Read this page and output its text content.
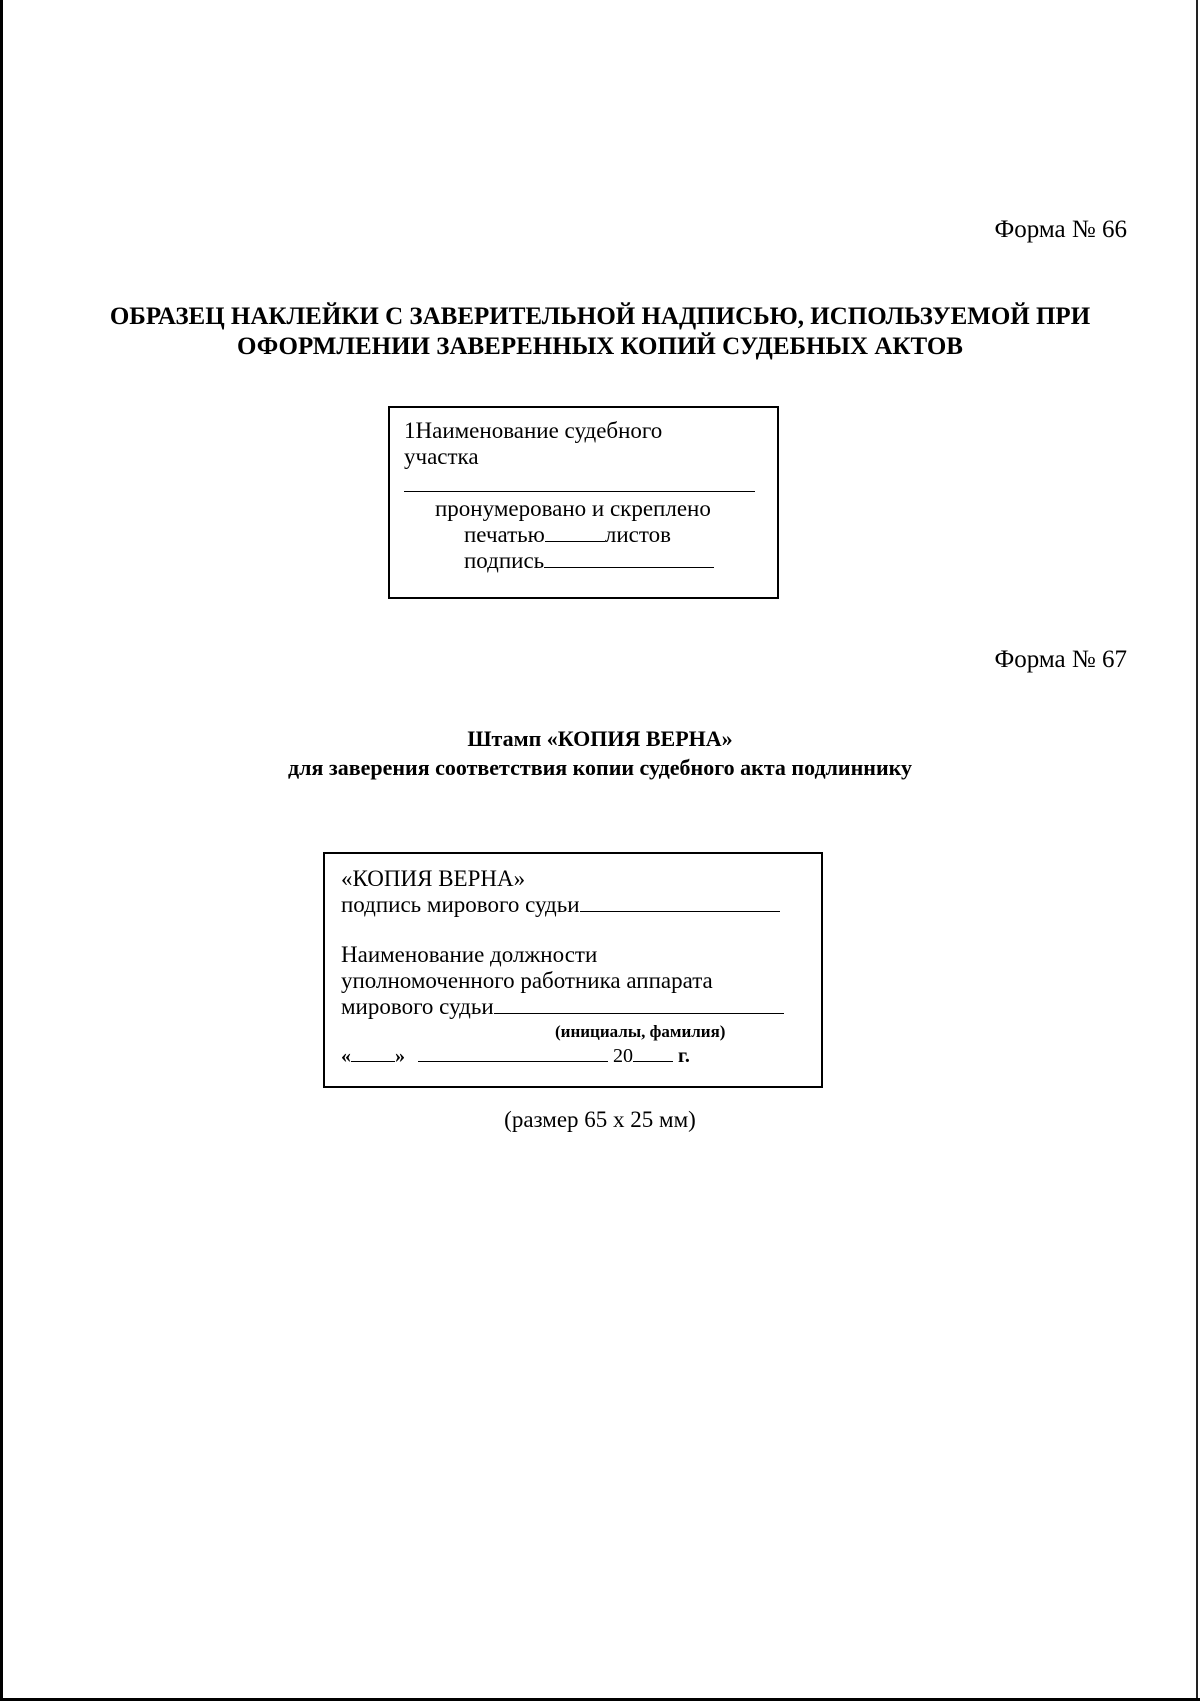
Форма № 66
ОБРАЗЕЦ НАКЛЕЙКИ С ЗАВЕРИТЕЛЬНОЙ НАДПИСЬЮ, ИСПОЛЬЗУЕМОЙ ПРИ
ОФОРМЛЕНИИ ЗАВЕРЕННЫХ КОПИЙ СУДЕБНЫХ АКТОВ
1Наименование судебного
участка
пронумеровано и скреплено
печатью	листов
подпись
Форма № 67
Штамп «КОПИЯ ВЕРНА»
для заверения соответствия копии судебного акта подлиннику
«КОПИЯ ВЕРНА»
подпись мирового судьи
Наименование должности
уполномоченного работника аппарата
мирового судьи
(инициалы, фамилия)
« »	20 г.
(размер 65 x 25 мм)
